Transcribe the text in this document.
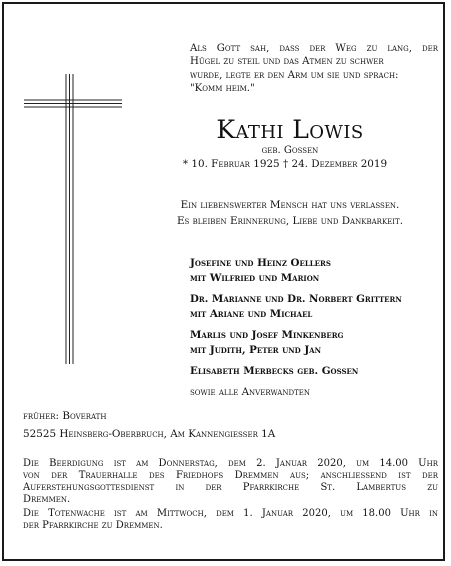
Als Gott sah, dass der Weg zu lang, der
Hügel zu steil und das Atmen zu schwer
wurde, legte er den Arm um sie und sprach:
"Komm heim."
Kathi Lowis
geb. Gossen
* 10. Februar 1925 † 24. Dezember 2019
Ein liebenswerter Mensch hat uns verlassen.
Es bleiben Erinnerung, Liebe und Dankbarkeit.
Josefine und Heinz Oellers
mit Wilfried und Marion
Dr. Marianne und Dr. Norbert Grittern
mit Ariane und Michael
Marlis und Josef Minkenberg
mit Judith, Peter und Jan
Elisabeth Merbecks geb. Gossen
sowie alle Anverwandten
früher: Boverath
52525 Heinsberg-Oberbruch, Am Kannengiesser 1A
Die Beerdigung ist am Donnerstag, dem 2. Januar 2020, um 14.00 Uhr
von der Trauerhalle des Friedhofs Dremmen aus; anschliessend ist der
Auferstehungsgottesdienst in der Pfarrkirche St. Lambertus zu
Dremmen.
Die Totenwache ist am Mittwoch, dem 1. Januar 2020, um 18.00 Uhr in
der Pfarrkirche zu Dremmen.
